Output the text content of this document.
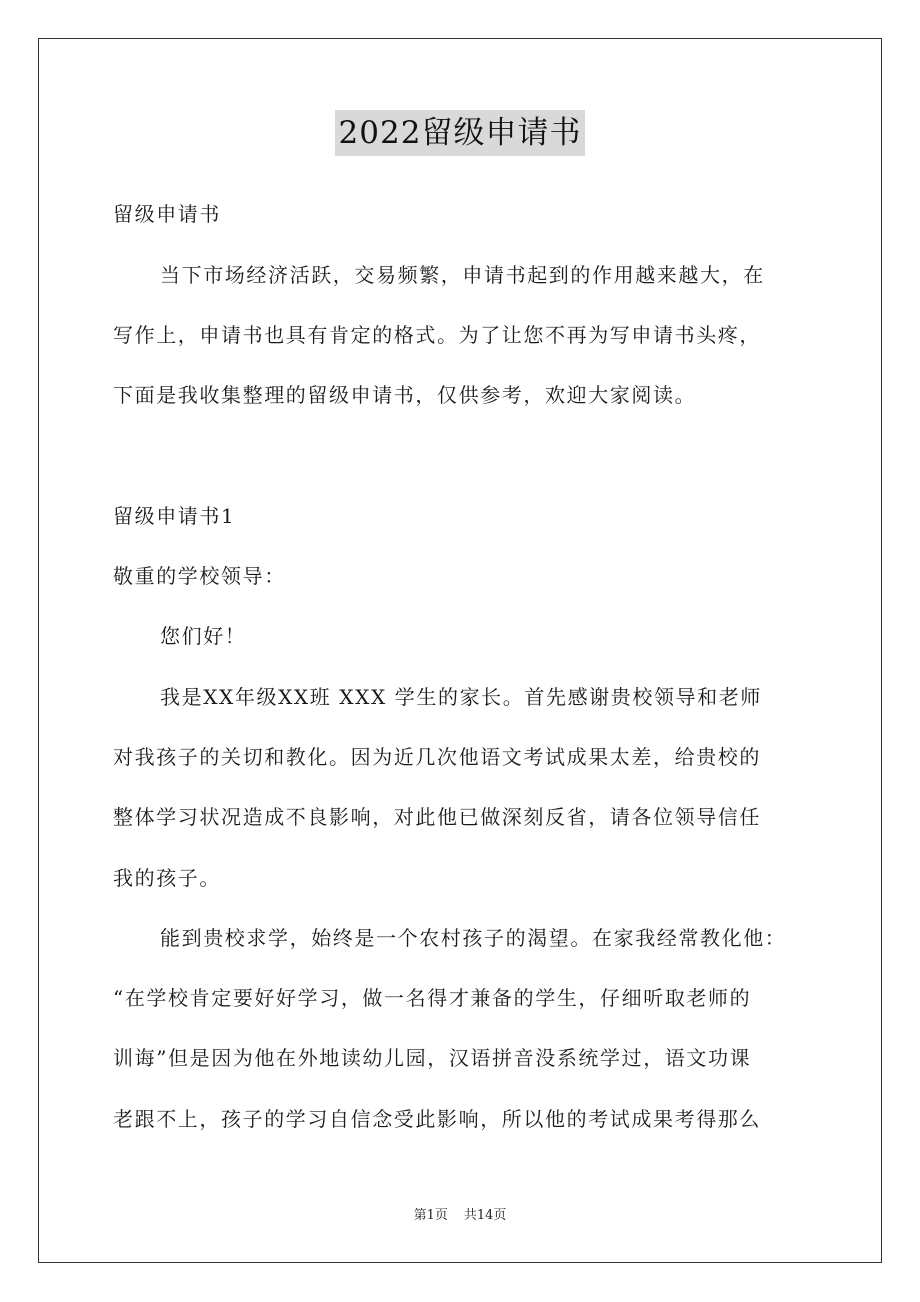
2022留级申请书
留级申请书
当下市场经济活跃，交易频繁，申请书起到的作用越来越大，在
写作上，申请书也具有肯定的格式。为了让您不再为写申请书头疼，
下面是我收集整理的留级申请书，仅供参考，欢迎大家阅读。
留级申请书1
敬重的学校领导：
您们好！
我是XX年级XX班 XXX 学生的家长。首先感谢贵校领导和老师
对我孩子的关切和教化。因为近几次他语文考试成果太差，给贵校的
整体学习状况造成不良影响，对此他已做深刻反省，请各位领导信任
我的孩子。
能到贵校求学，始终是一个农村孩子的渴望。在家我经常教化他：
“在学校肯定要好好学习，做一名得才兼备的学生，仔细听取老师的
训诲”但是因为他在外地读幼儿园，汉语拼音没系统学过，语文功课
老跟不上，孩子的学习自信念受此影响，所以他的考试成果考得那么
第1页 共14页
